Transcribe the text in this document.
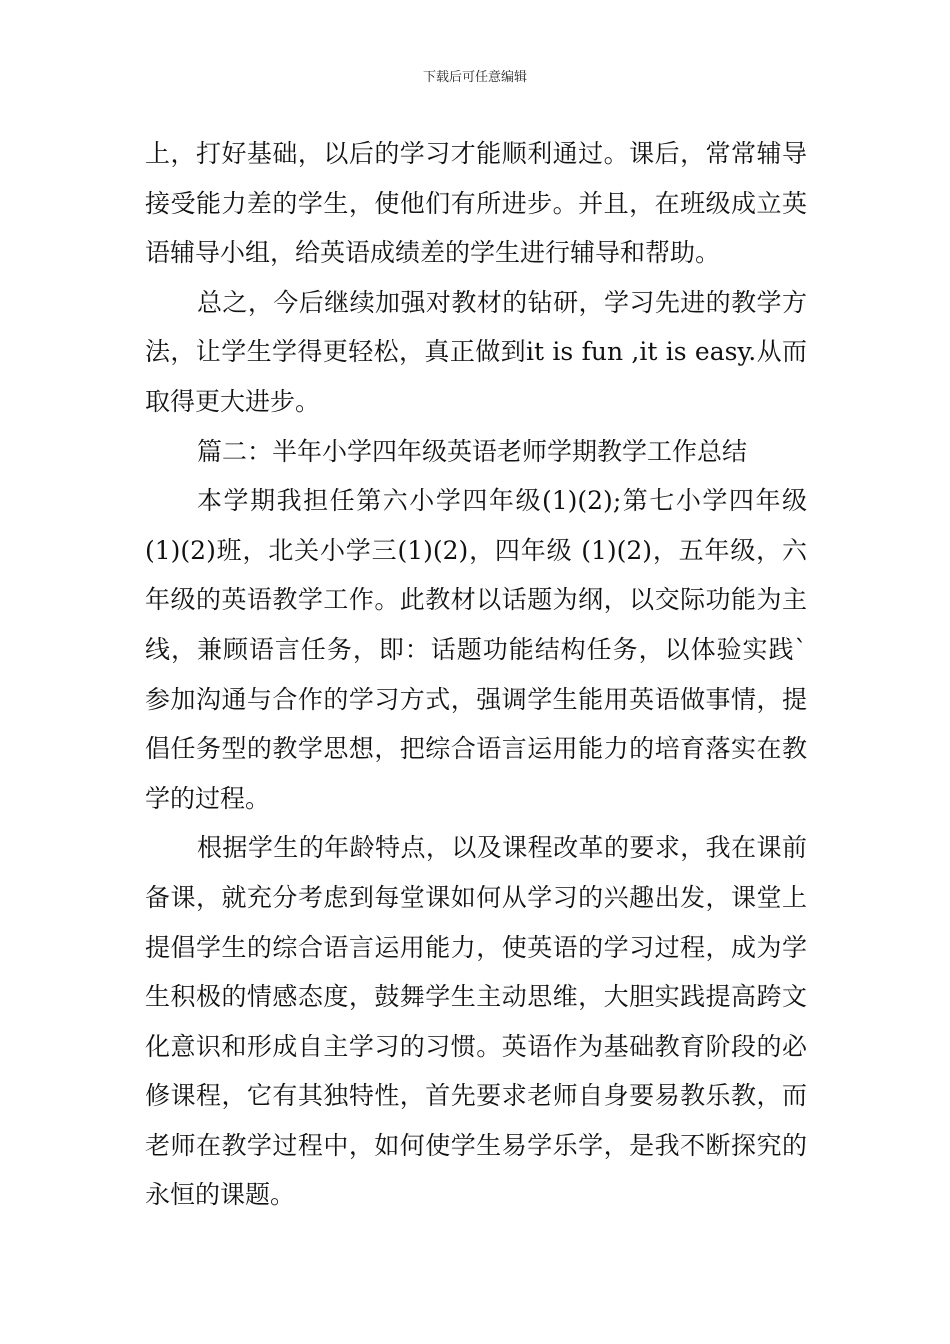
下载后可任意编辑

上，打好基础，以后的学习才能顺利通过。课后，常常辅导接受能力差的学生，使他们有所进步。并且，在班级成立英语辅导小组，给英语成绩差的学生进行辅导和帮助。

总之，今后继续加强对教材的钻研，学习先进的教学方法，让学生学得更轻松，真正做到it is fun ,it is easy.从而取得更大进步。

篇二：半年小学四年级英语老师学期教学工作总结

本学期我担任第六小学四年级(1)(2);第七小学四年级(1)(2)班，北关小学三(1)(2)，四年级 (1)(2)，五年级，六年级的英语教学工作。此教材以话题为纲，以交际功能为主线，兼顾语言任务，即：话题功能结构任务，以体验实践`参加沟通与合作的学习方式，强调学生能用英语做事情，提倡任务型的教学思想，把综合语言运用能力的培育落实在教学的过程。

根据学生的年龄特点，以及课程改革的要求，我在课前备课，就充分考虑到每堂课如何从学习的兴趣出发，课堂上提倡学生的综合语言运用能力，使英语的学习过程，成为学生积极的情感态度，鼓舞学生主动思维，大胆实践提高跨文化意识和形成自主学习的习惯。英语作为基础教育阶段的必修课程，它有其独特性，首先要求老师自身要易教乐教，而老师在教学过程中，如何使学生易学乐学，是我不断探究的永恒的课题。
